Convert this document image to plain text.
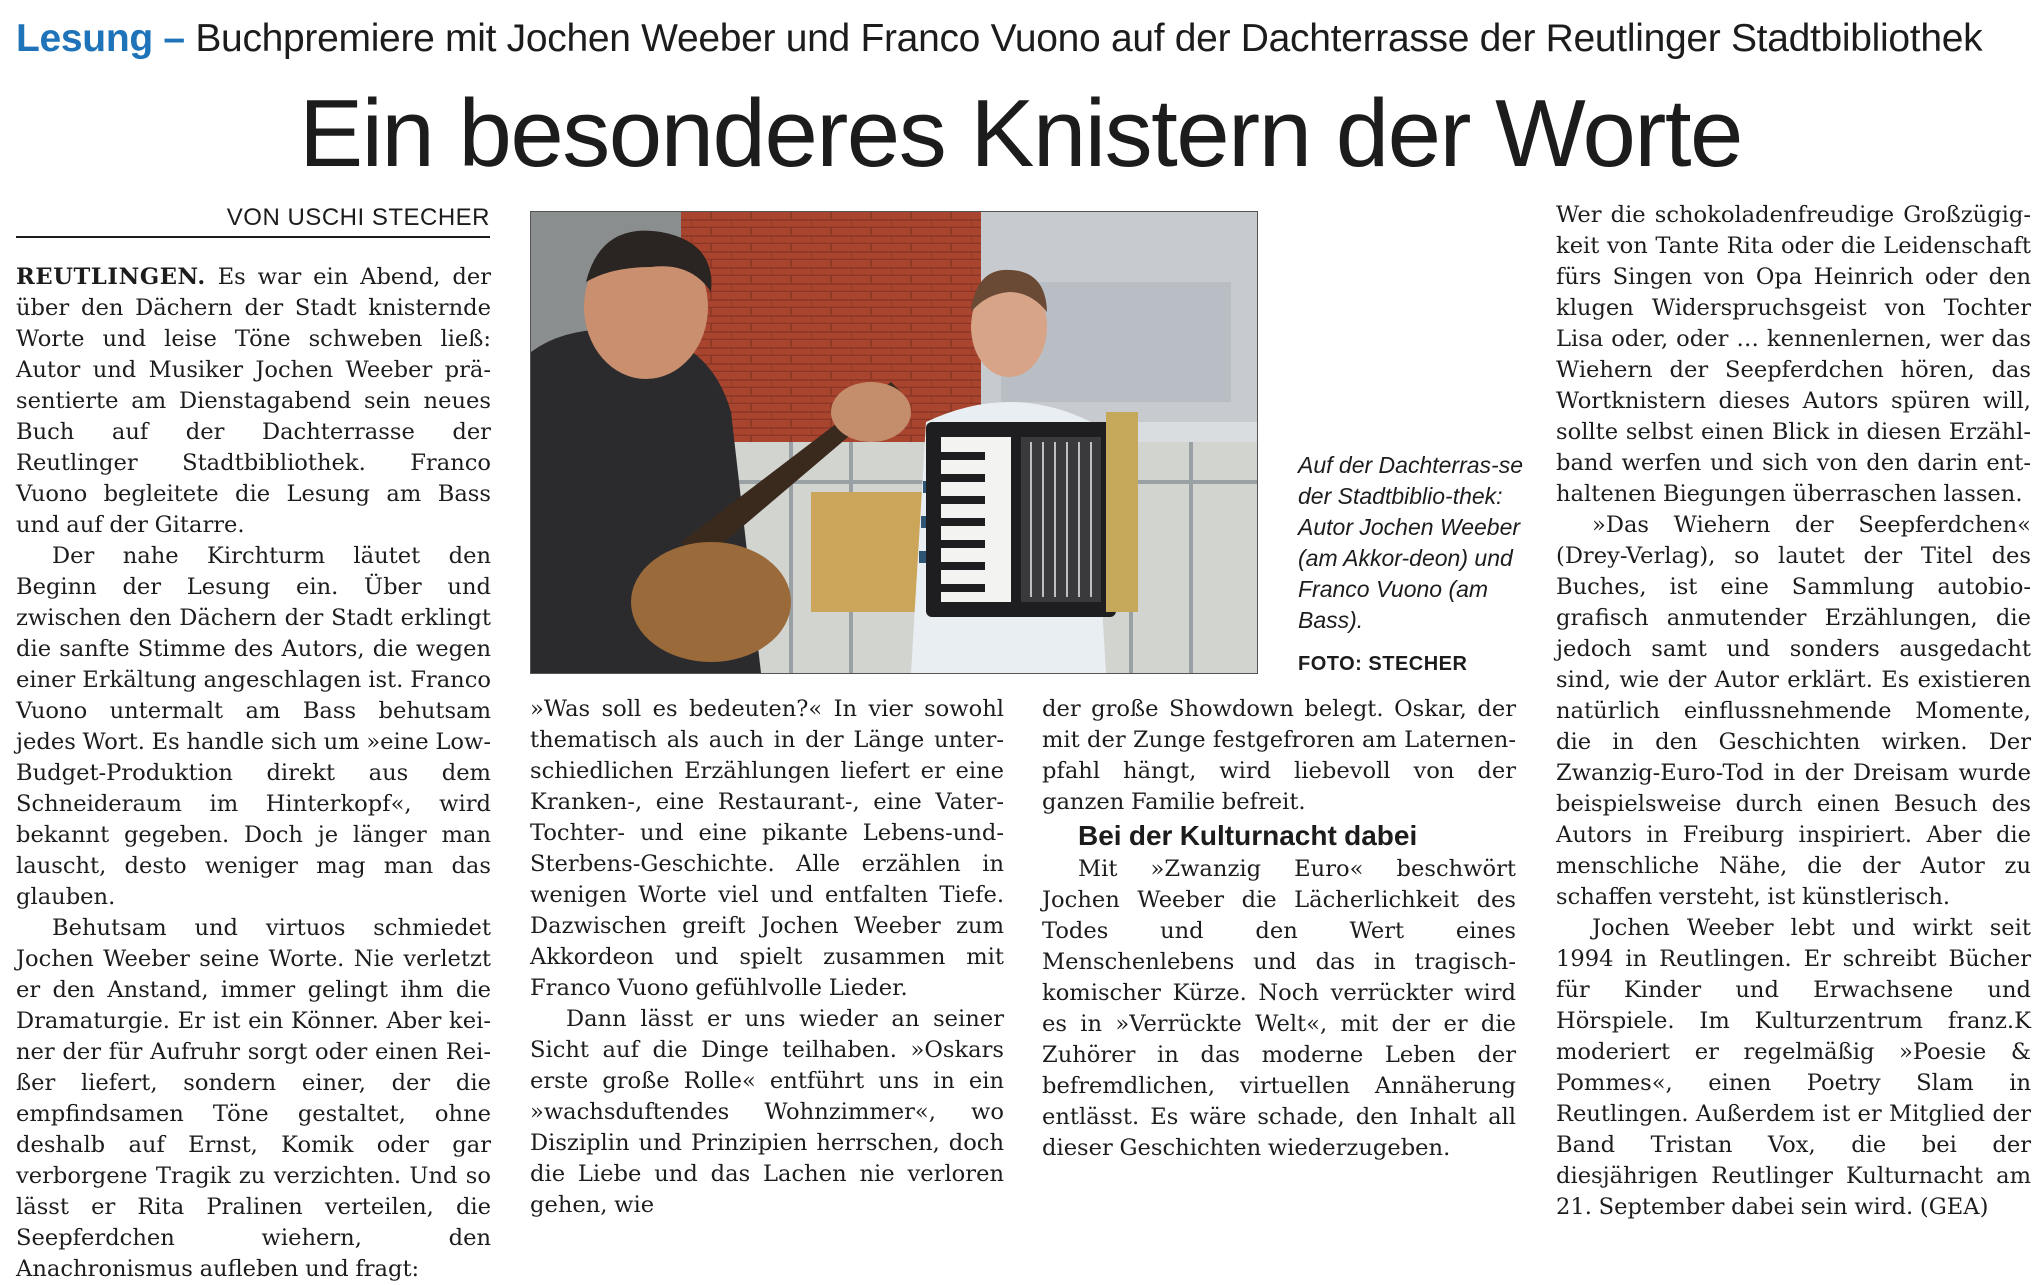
Lesung – Buchpremiere mit Jochen Weeber und Franco Vuono auf der Dachterrasse der Reutlinger Stadtbibliothek
Ein besonderes Knistern der Worte
VON USCHI STECHER

REUTLINGEN. Es war ein Abend, der über den Dächern der Stadt knisternde Worte und leise Töne schweben ließ: Autor und Musiker Jochen Weeber präsentierte am Dienstagabend sein neues Buch auf der Dachterrasse der Reutlinger Stadtbibliothek. Franco Vuono begleitete die Lesung am Bass und auf der Gitarre.

Der nahe Kirchturm läutet den Beginn der Lesung ein. Über und zwischen den Dächern der Stadt erklingt die sanfte Stimme des Autors, die wegen einer Erkältung angeschlagen ist. Franco Vuono untermalt am Bass behutsam jedes Wort. Es handle sich um »eine Low-Budget-Produktion direkt aus dem Schneideraum im Hinterkopf«, wird bekannt gegeben. Doch je länger man lauscht, desto weniger mag man das glauben.

Behutsam und virtuos schmiedet Jochen Weeber seine Worte. Nie verletzt er den Anstand, immer gelingt ihm die Dramaturgie. Er ist ein Könner. Aber keiner der für Aufruhr sorgt oder einen Reißer liefert, sondern einer, der die empfindsamen Töne gestaltet, ohne deshalb auf Ernst, Komik oder gar verborgene Tragik zu verzichten. Und so lässt er Rita Pralinen verteilen, die Seepferdchen wiehern, den Anachronismus aufleben und fragt:

Auf der Dachterras-se der Stadtbiblio-thek: Autor Jochen Weeber (am Akkor-deon) und Franco Vuono (am Bass).
FOTO: STECHER

»Was soll es bedeuten?« In vier sowohl thematisch als auch in der Länge unterschiedlichen Erzählungen liefert er eine Kranken-, eine Restaurant-, eine Vater-Tochter- und eine pikante Lebens-und-Sterbens-Geschichte. Alle erzählen in wenigen Worte viel und entfalten Tiefe. Dazwischen greift Jochen Weeber zum Akkordeon und spielt zusammen mit Franco Vuono gefühlvolle Lieder.

Dann lässt er uns wieder an seiner Sicht auf die Dinge teilhaben. »Oskars erste große Rolle« entführt uns in ein »wachsduftendes Wohnzimmer«, wo Disziplin und Prinzipien herrschen, doch die Liebe und das Lachen nie verloren gehen, wie

der große Showdown belegt. Oskar, der mit der Zunge festgefroren am Laternenpfahl hängt, wird liebevoll von der ganzen Familie befreit.

Bei der Kulturnacht dabei

Mit »Zwanzig Euro« beschwört Jochen Weeber die Lächerlichkeit des Todes und den Wert eines Menschenlebens und das in tragisch-komischer Kürze. Noch verrückter wird es in »Verrückte Welt«, mit der er die Zuhörer in das moderne Leben der befremdlichen, virtuellen Annäherung entlässt. Es wäre schade, den Inhalt all dieser Geschichten wiederzugeben.

Wer die schokoladenfreudige Großzügigkeit von Tante Rita oder die Leidenschaft fürs Singen von Opa Heinrich oder den klugen Widerspruchsgeist von Tochter Lisa oder, oder … kennenlernen, wer das Wiehern der Seepferdchen hören, das Wortknistern dieses Autors spüren will, sollte selbst einen Blick in diesen Erzählband werfen und sich von den darin enthaltenen Biegungen überraschen lassen.

»Das Wiehern der Seepferdchen« (Drey-Verlag), so lautet der Titel des Buches, ist eine Sammlung autobiografisch anmutender Erzählungen, die jedoch samt und sonders ausgedacht sind, wie der Autor erklärt. Es existieren natürlich einflussnehmende Momente, die in den Geschichten wirken. Der Zwanzig-Euro-Tod in der Dreisam wurde beispielsweise durch einen Besuch des Autors in Freiburg inspiriert. Aber die menschliche Nähe, die der Autor zu schaffen versteht, ist künstlerisch.

Jochen Weeber lebt und wirkt seit 1994 in Reutlingen. Er schreibt Bücher für Kinder und Erwachsene und Hörspiele. Im Kulturzentrum franz.K moderiert er regelmäßig »Poesie & Pommes«, einen Poetry Slam in Reutlingen. Außerdem ist er Mitglied der Band Tristan Vox, die bei der diesjährigen Reutlinger Kulturnacht am 21. September dabei sein wird. (GEA)
